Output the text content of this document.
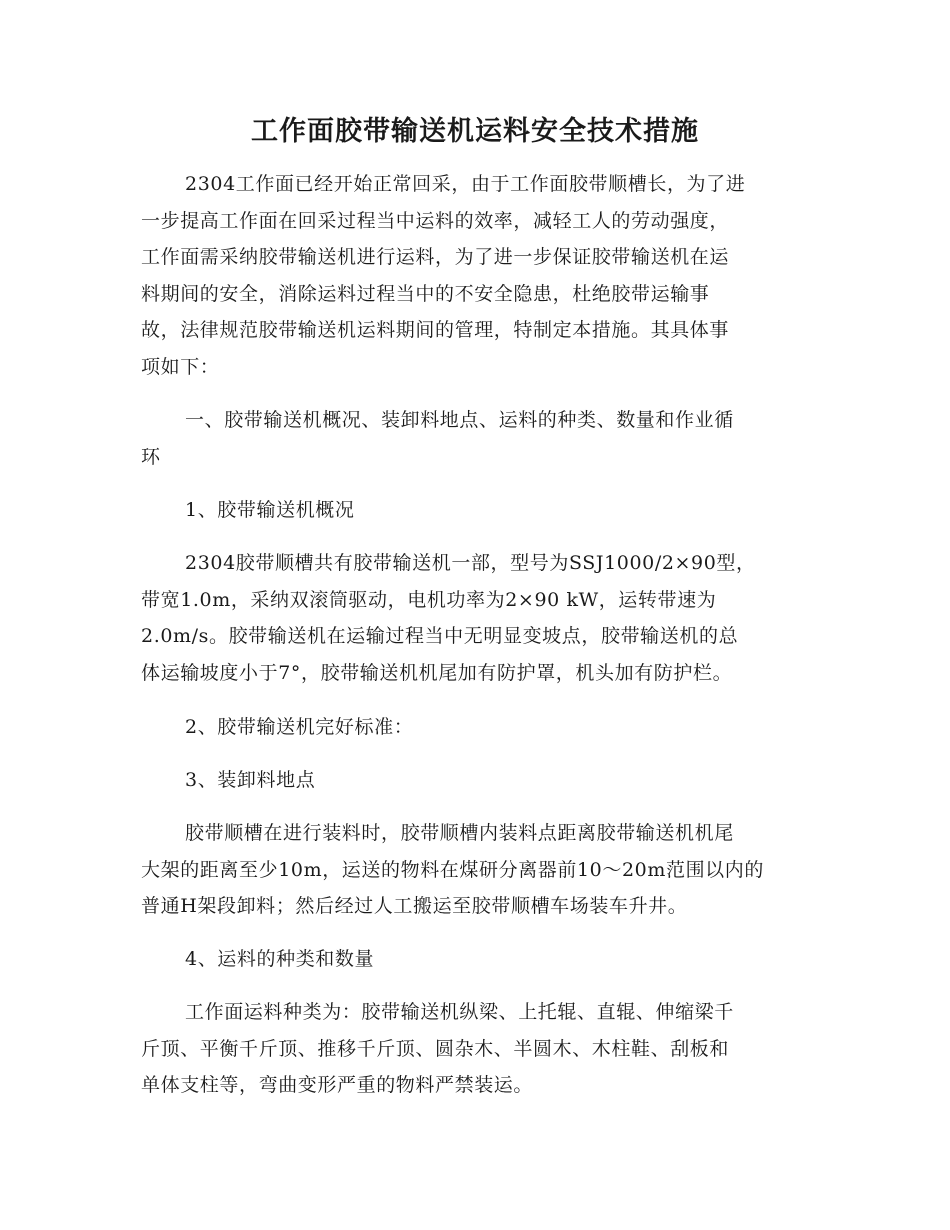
工作面胶带输送机运料安全技术措施
2304工作面已经开始正常回采，由于工作面胶带顺槽长，为了进
一步提高工作面在回采过程当中运料的效率，减轻工人的劳动强度，
工作面需采纳胶带输送机进行运料，为了进一步保证胶带输送机在运
料期间的安全，消除运料过程当中的不安全隐患，杜绝胶带运输事
故，法律规范胶带输送机运料期间的管理，特制定本措施。其具体事
项如下：
一、胶带输送机概况、装卸料地点、运料的种类、数量和作业循
环
1、胶带输送机概况
2304胶带顺槽共有胶带输送机一部，型号为SSJ1000/2×90型，
带宽1.0m，采纳双滚筒驱动，电机功率为2×90 kW，运转带速为
2.0m/s。胶带输送机在运输过程当中无明显变坡点，胶带输送机的总
体运输坡度小于7°，胶带输送机机尾加有防护罩，机头加有防护栏。
2、胶带输送机完好标准：
3、装卸料地点
胶带顺槽在进行装料时，胶带顺槽内装料点距离胶带输送机机尾
大架的距离至少10m，运送的物料在煤研分离器前10～20m范围以内的
普通H架段卸料；然后经过人工搬运至胶带顺槽车场装车升井。
4、运料的种类和数量
工作面运料种类为：胶带输送机纵梁、上托辊、直辊、伸缩梁千
斤顶、平衡千斤顶、推移千斤顶、圆杂木、半圆木、木柱鞋、刮板和
单体支柱等，弯曲变形严重的物料严禁装运。
